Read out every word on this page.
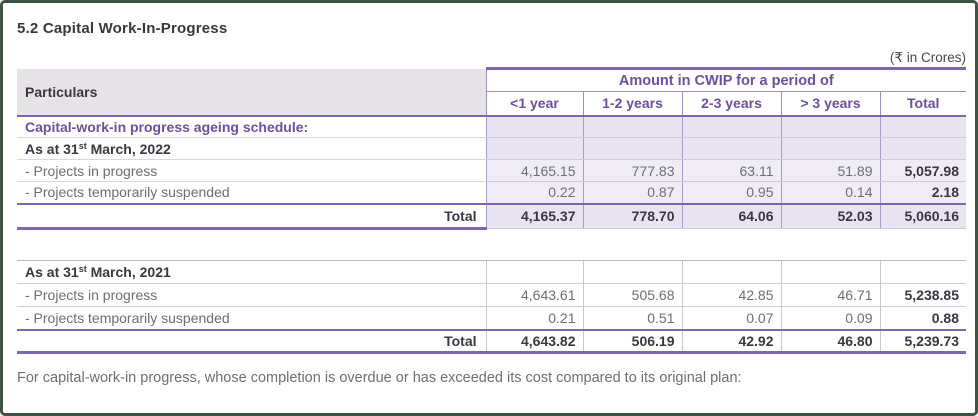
5.2 Capital Work-In-Progress
(₹ in Crores)
Particulars	Amount in CWIP for a period of				
	<1 year	1-2 years	2-3 years	> 3 years	Total
Capital-work-in progress ageing schedule:					
As at 31st March, 2022					
- Projects in progress	4,165.15	777.83	63.11	51.89	5,057.98
- Projects temporarily suspended	0.22	0.87	0.95	0.14	2.18
Total	4,165.37	778.70	64.06	52.03	5,060.16
As at 31st March, 2021					
- Projects in progress	4,643.61	505.68	42.85	46.71	5,238.85
- Projects temporarily suspended	0.21	0.51	0.07	0.09	0.88
Total	4,643.82	506.19	42.92	46.80	5,239.73
For capital-work-in progress, whose completion is overdue or has exceeded its cost compared to its original plan:
